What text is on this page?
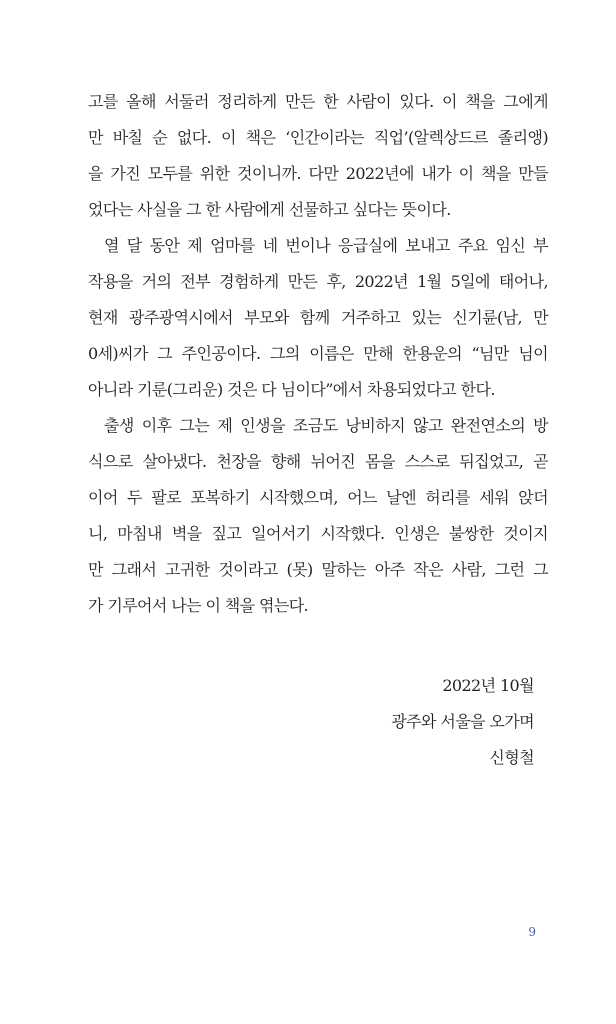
고를 올해 서둘러 정리하게 만든 한 사람이 있다. 이 책을 그에게
만 바칠 순 없다. 이 책은 ‘인간이라는 직업’(알렉상드르 졸리앵)
을 가진 모두를 위한 것이니까. 다만 2022년에 내가 이 책을 만들
었다는 사실을 그 한 사람에게 선물하고 싶다는 뜻이다.
열 달 동안 제 엄마를 네 번이나 응급실에 보내고 주요 임신 부
작용을 거의 전부 경험하게 만든 후, 2022년 1월 5일에 태어나,
현재 광주광역시에서 부모와 함께 거주하고 있는 신기륜(남, 만
0세)씨가 그 주인공이다. 그의 이름은 만해 한용운의 “님만 님이
아니라 기룬(그리운) 것은 다 님이다”에서 차용되었다고 한다.
출생 이후 그는 제 인생을 조금도 낭비하지 않고 완전연소의 방
식으로 살아냈다. 천장을 향해 뉘어진 몸을 스스로 뒤집었고, 곧
이어 두 팔로 포복하기 시작했으며, 어느 날엔 허리를 세워 앉더
니, 마침내 벽을 짚고 일어서기 시작했다. 인생은 불쌍한 것이지
만 그래서 고귀한 것이라고 (못) 말하는 아주 작은 사람, 그런 그
가 기루어서 나는 이 책을 엮는다.
2022년 10월
광주와 서울을 오가며
신형철
9
